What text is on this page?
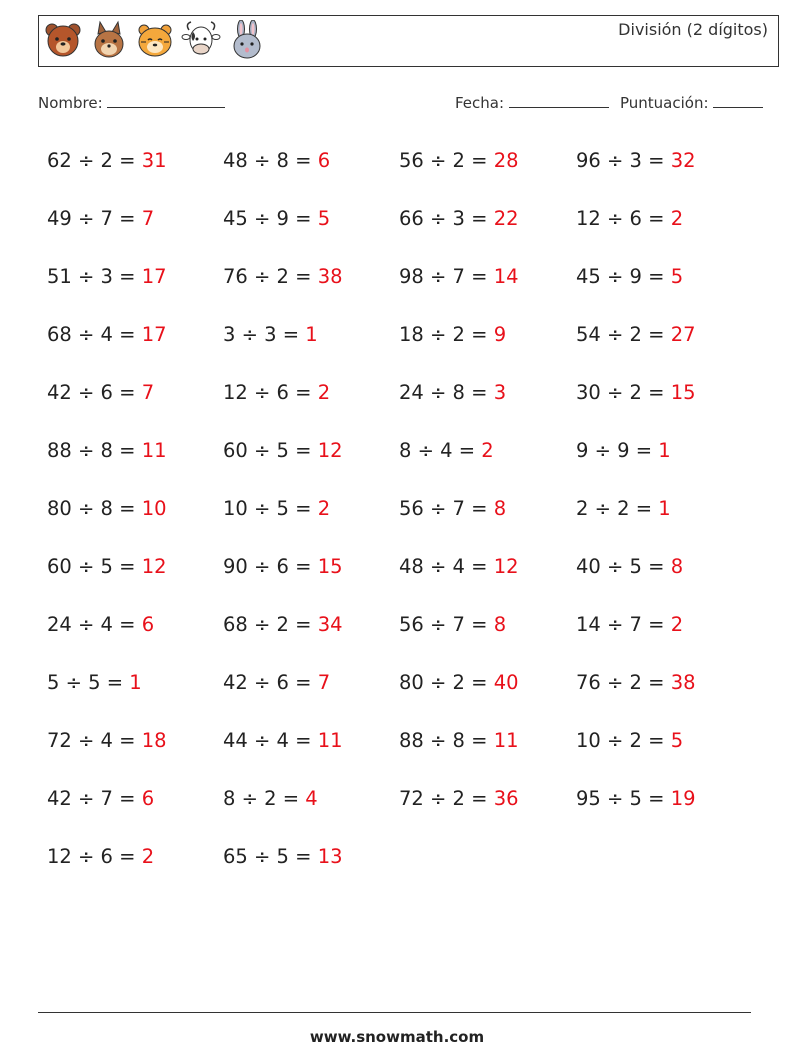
División (2 dígitos)
Nombre:	Fecha:	Puntuación:
62 ÷ 2 = 31	48 ÷ 8 = 6	56 ÷ 2 = 28	96 ÷ 3 = 32
49 ÷ 7 = 7	45 ÷ 9 = 5	66 ÷ 3 = 22	12 ÷ 6 = 2
51 ÷ 3 = 17	76 ÷ 2 = 38	98 ÷ 7 = 14	45 ÷ 9 = 5
68 ÷ 4 = 17	3 ÷ 3 = 1	18 ÷ 2 = 9	54 ÷ 2 = 27
42 ÷ 6 = 7	12 ÷ 6 = 2	24 ÷ 8 = 3	30 ÷ 2 = 15
88 ÷ 8 = 11	60 ÷ 5 = 12	8 ÷ 4 = 2	9 ÷ 9 = 1
80 ÷ 8 = 10	10 ÷ 5 = 2	56 ÷ 7 = 8	2 ÷ 2 = 1
60 ÷ 5 = 12	90 ÷ 6 = 15	48 ÷ 4 = 12	40 ÷ 5 = 8
24 ÷ 4 = 6	68 ÷ 2 = 34	56 ÷ 7 = 8	14 ÷ 7 = 2
5 ÷ 5 = 1	42 ÷ 6 = 7	80 ÷ 2 = 40	76 ÷ 2 = 38
72 ÷ 4 = 18	44 ÷ 4 = 11	88 ÷ 8 = 11	10 ÷ 2 = 5
42 ÷ 7 = 6	8 ÷ 2 = 4	72 ÷ 2 = 36	95 ÷ 5 = 19
12 ÷ 6 = 2	65 ÷ 5 = 13
www.snowmath.com
